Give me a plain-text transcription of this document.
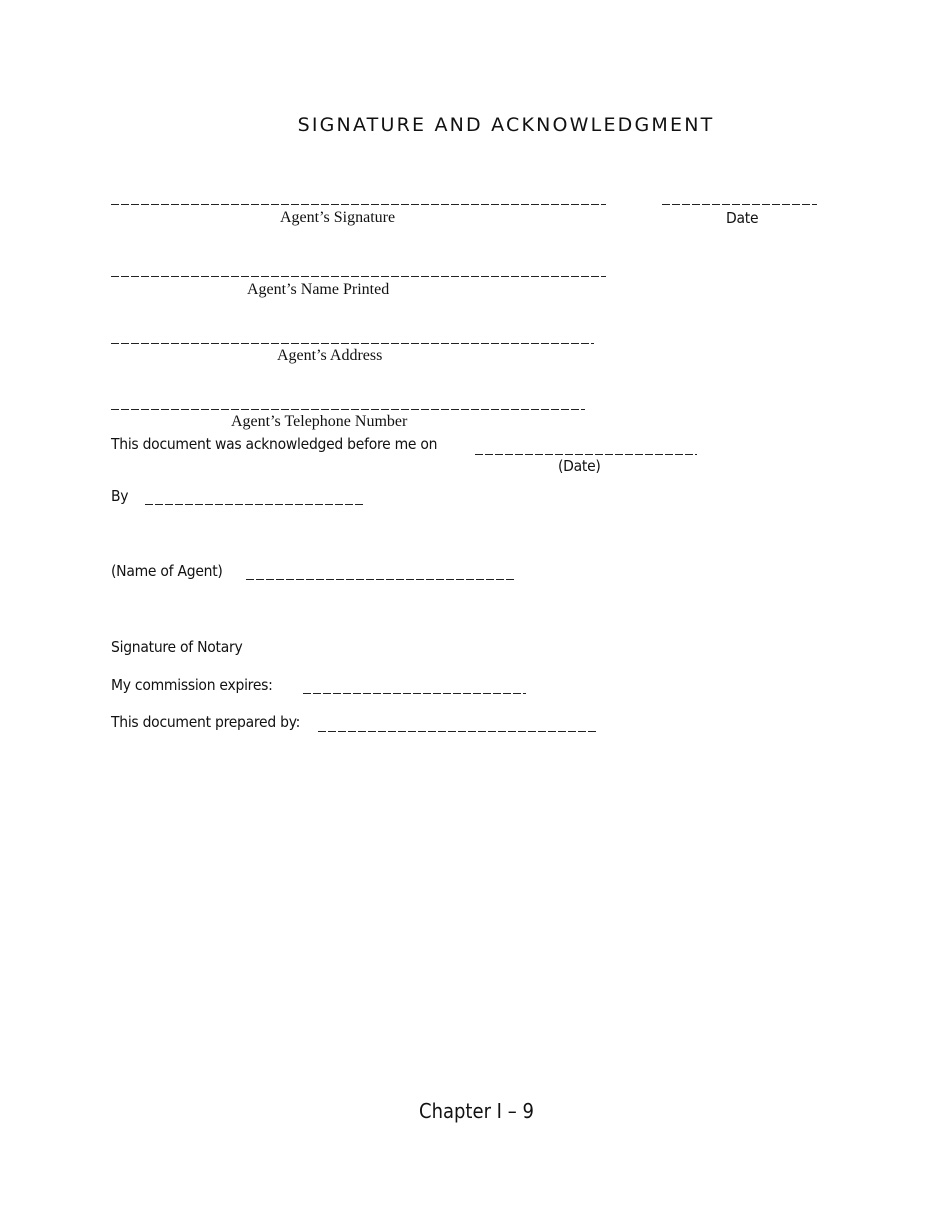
SIGNATURE AND ACKNOWLEDGMENT
Agent’s Signature	Date
Agent’s Name Printed
Agent’s Address
Agent’s Telephone Number
This document was acknowledged before me on
(Date)
By
(Name of Agent)
Signature of Notary
My commission expires:
This document prepared by:
Chapter I – 9
